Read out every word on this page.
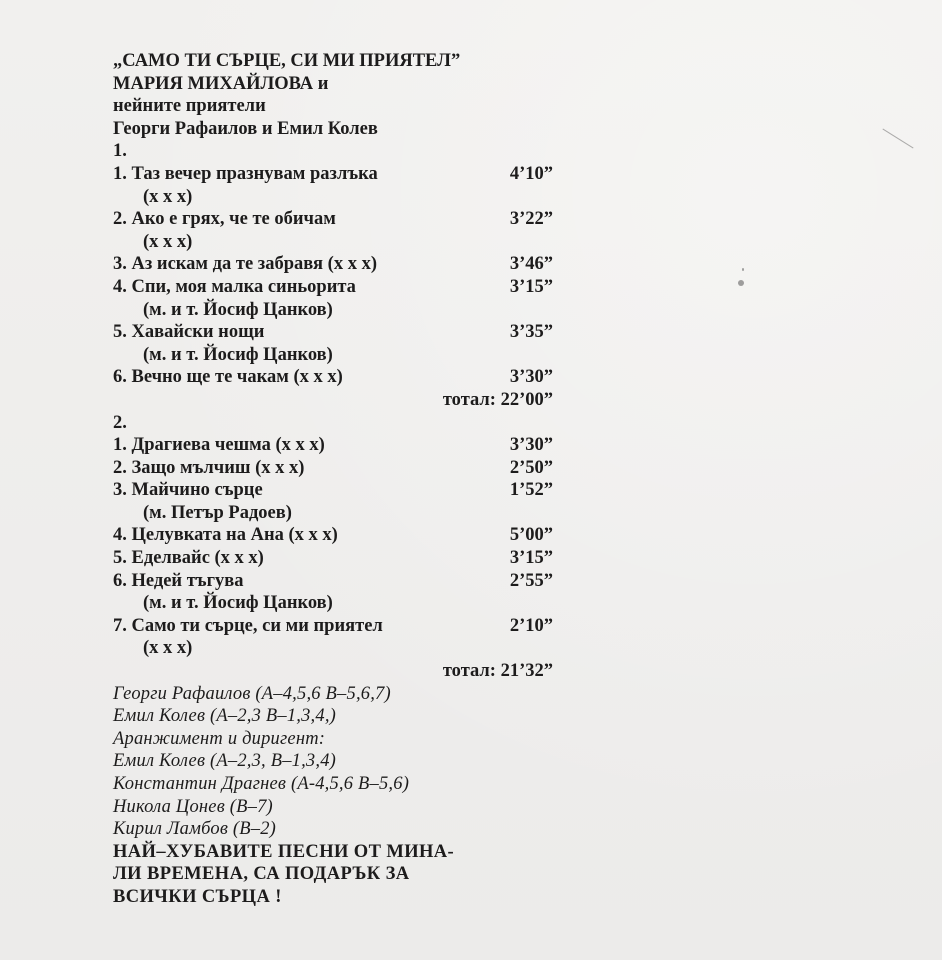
„САМО ТИ СЪРЦЕ, СИ МИ ПРИЯТЕЛ”
МАРИЯ МИХАЙЛОВА и
нейните приятели
Георги Рафаилов и Емил Колев
1.
1. Таз вечер празнувам разлъка	4’10”
(x x x)
2. Ако е грях, че те обичам	3’22”
(x x x)
3. Аз искам да те забравя (x x x)	3’46”
4. Спи, моя малка синьорита	3’15”
(м. и т. Йосиф Цанков)
5. Хавайски нощи	3’35”
(м. и т. Йосиф Цанков)
6. Вечно ще те чакам (x x x)	3’30”
тотал: 22’00”
2.
1. Драгиева чешма (x x x)	3’30”
2. Защо мълчиш (x x x)	2’50”
3. Майчино сърце	1’52”
(м. Петър Радоев)
4. Целувката на Ана (x x x)	5’00”
5. Еделвайс (x x x)	3’15”
6. Недей тъгува	2’55”
(м. и т. Йосиф Цанков)
7. Само ти сърце, си ми приятел	2’10”
(x x x)
тотал: 21’32”
Георги Рафаилов (А–4,5,6 В–5,6,7)
Емил Колев (А–2,3 В–1,3,4,)
Аранжимент и диригент:
Емил Колев (А–2,3, В–1,3,4)
Константин Драгнев (А-4,5,6 В–5,6)
Никола Цонев (В–7)
Кирил Ламбов (В–2)
НАЙ–ХУБАВИТЕ ПЕСНИ ОТ МИНА-
ЛИ ВРЕМЕНА, СА ПОДАРЪК ЗА
ВСИЧКИ СЪРЦА !
